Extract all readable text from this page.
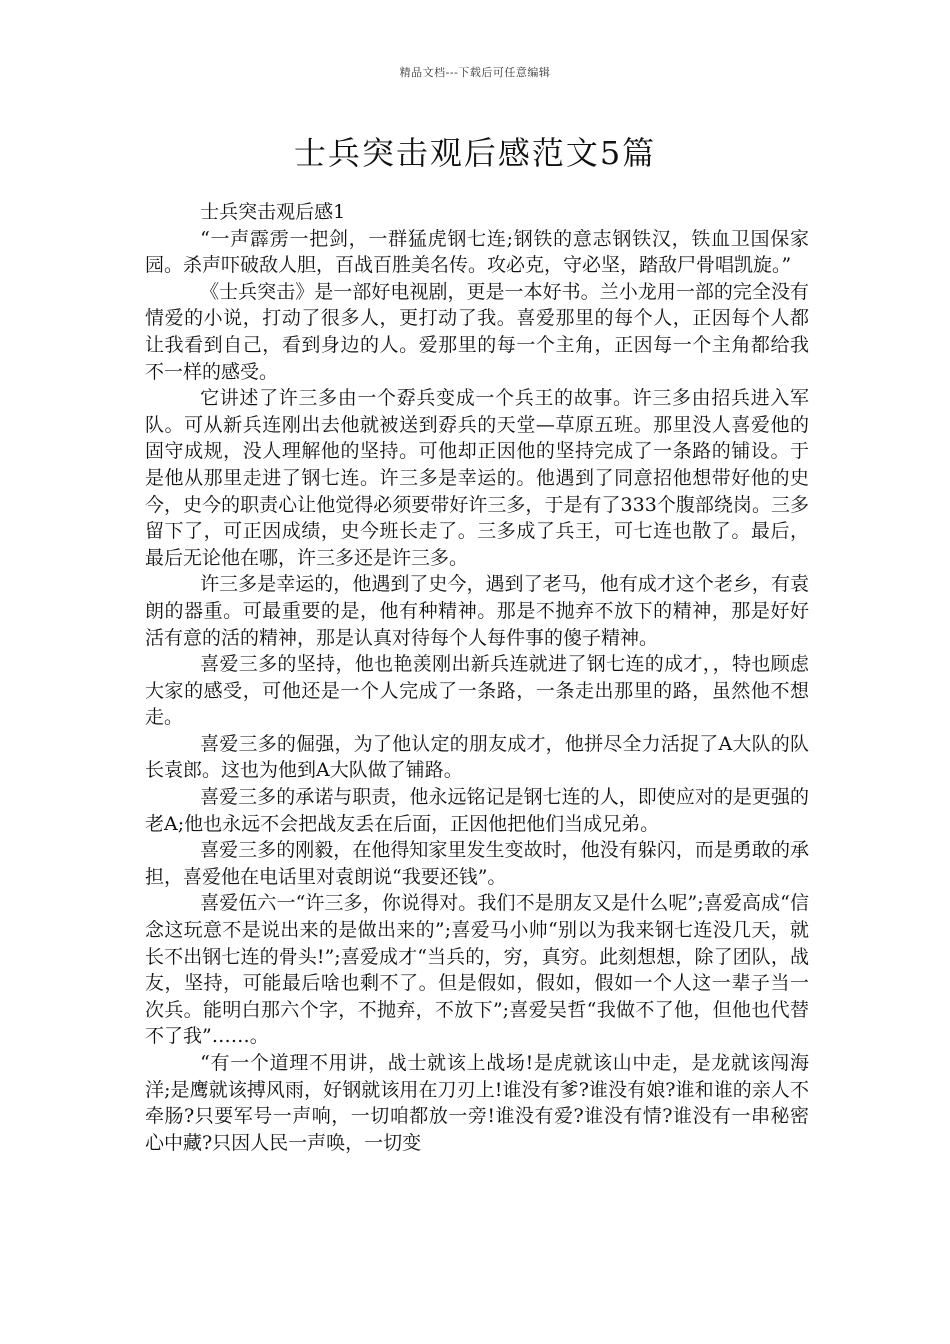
精品文档---下载后可任意编辑
士兵突击观后感范文5篇

士兵突击观后感1

“一声霹雳一把剑，一群猛虎钢七连;钢铁的意志钢铁汉，铁血卫国保家园。杀声吓破敌人胆，百战百胜美名传。攻必克，守必坚，踏敌尸骨唱凯旋。”

《士兵突击》是一部好电视剧，更是一本好书。兰小龙用一部的完全没有情爱的小说，打动了很多人，更打动了我。喜爱那里的每个人，正因每个人都让我看到自己，看到身边的人。爱那里的每一个主角，正因每一个主角都给我不一样的感受。

它讲述了许三多由一个孬兵变成一个兵王的故事。许三多由招兵进入军队。可从新兵连刚出去他就被送到孬兵的天堂—草原五班。那里没人喜爱他的固守成规，没人理解他的坚持。可他却正因他的坚持完成了一条路的铺设。于是他从那里走进了钢七连。许三多是幸运的。他遇到了同意招他想带好他的史今，史今的职责心让他觉得必须要带好许三多，于是有了333个腹部绕岗。三多留下了，可正因成绩，史今班长走了。三多成了兵王，可七连也散了。最后，最后无论他在哪，许三多还是许三多。

许三多是幸运的，他遇到了史今，遇到了老马，他有成才这个老乡，有袁朗的器重。可最重要的是，他有种精神。那是不抛弃不放下的精神，那是好好活有意的活的精神，那是认真对待每个人每件事的傻子精神。

喜爱三多的坚持，他也艳羡刚出新兵连就进了钢七连的成才，，特也顾虑大家的感受，可他还是一个人完成了一条路，一条走出那里的路，虽然他不想走。

喜爱三多的倔强，为了他认定的朋友成才，他拼尽全力活捉了A大队的队长袁郎。这也为他到A大队做了铺路。

喜爱三多的承诺与职责，他永远铭记是钢七连的人，即使应对的是更强的老A;他也永远不会把战友丢在后面，正因他把他们当成兄弟。

喜爱三多的刚毅，在他得知家里发生变故时，他没有躲闪，而是勇敢的承担，喜爱他在电话里对袁朗说“我要还钱”。

喜爱伍六一“许三多，你说得对。我们不是朋友又是什么呢”;喜爱高成“信念这玩意不是说出来的是做出来的”;喜爱马小帅“别以为我来钢七连没几天，就长不出钢七连的骨头!”;喜爱成才“当兵的，穷，真穷。此刻想想，除了团队，战友，坚持，可能最后啥也剩不了。但是假如，假如，假如一个人这一辈子当一次兵。能明白那六个字，不抛弃，不放下”;喜爱吴哲“我做不了他，但他也代替不了我”……。

“有一个道理不用讲，战士就该上战场!是虎就该山中走，是龙就该闯海洋;是鹰就该搏风雨，好钢就该用在刀刃上!谁没有爹?谁没有娘?谁和谁的亲人不牵肠?只要军号一声响，一切咱都放一旁!谁没有爱?谁没有情?谁没有一串秘密心中藏?只因人民一声唤，一切变
